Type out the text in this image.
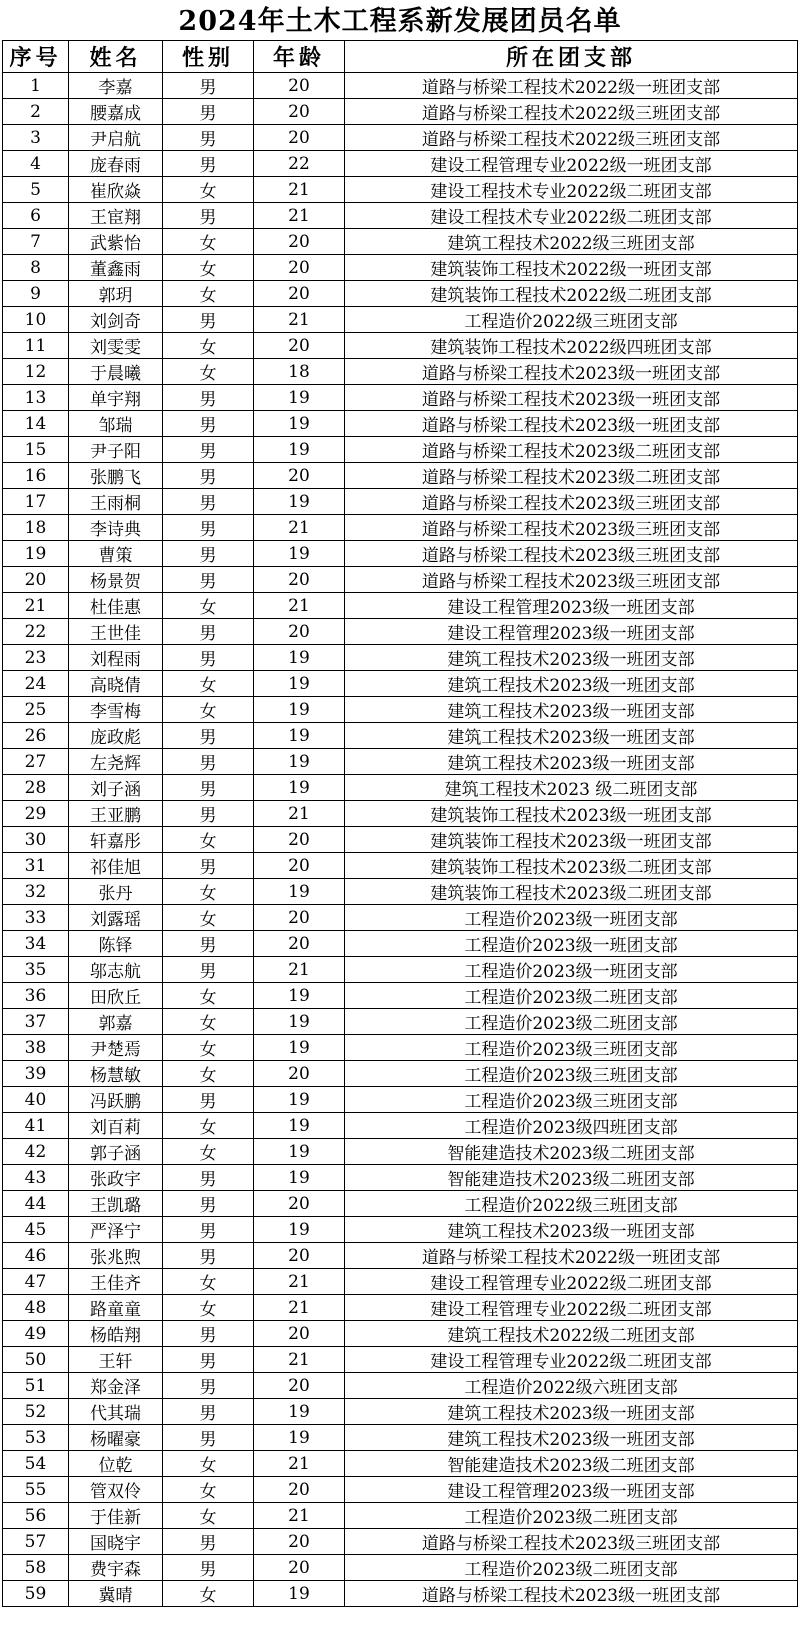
2024年土木工程系新发展团员名单
序号	姓名	性别	年龄	所在团支部
1	李嘉	男	20	道路与桥梁工程技术2022级一班团支部
2	腰嘉成	男	20	道路与桥梁工程技术2022级三班团支部
3	尹启航	男	20	道路与桥梁工程技术2022级三班团支部
4	庞春雨	男	22	建设工程管理专业2022级一班团支部
5	崔欣焱	女	21	建设工程技术专业2022级二班团支部
6	王宦翔	男	21	建设工程技术专业2022级二班团支部
7	武紫怡	女	20	建筑工程技术2022级三班团支部
8	董鑫雨	女	20	建筑装饰工程技术2022级一班团支部
9	郭玥	女	20	建筑装饰工程技术2022级二班团支部
10	刘剑奇	男	21	工程造价2022级三班团支部
11	刘雯雯	女	20	建筑装饰工程技术2022级四班团支部
12	于晨曦	女	18	道路与桥梁工程技术2023级一班团支部
13	单宇翔	男	19	道路与桥梁工程技术2023级一班团支部
14	邹瑞	男	19	道路与桥梁工程技术2023级一班团支部
15	尹子阳	男	19	道路与桥梁工程技术2023级二班团支部
16	张鹏飞	男	20	道路与桥梁工程技术2023级二班团支部
17	王雨桐	男	19	道路与桥梁工程技术2023级三班团支部
18	李诗典	男	21	道路与桥梁工程技术2023级三班团支部
19	曹策	男	19	道路与桥梁工程技术2023级三班团支部
20	杨景贺	男	20	道路与桥梁工程技术2023级三班团支部
21	杜佳惠	女	21	建设工程管理2023级一班团支部
22	王世佳	男	20	建设工程管理2023级一班团支部
23	刘程雨	男	19	建筑工程技术2023级一班团支部
24	高晓倩	女	19	建筑工程技术2023级一班团支部
25	李雪梅	女	19	建筑工程技术2023级一班团支部
26	庞政彪	男	19	建筑工程技术2023级一班团支部
27	左尧辉	男	19	建筑工程技术2023级一班团支部
28	刘子涵	男	19	建筑工程技术2023 级二班团支部
29	王亚鹏	男	21	建筑装饰工程技术2023级一班团支部
30	轩嘉彤	女	20	建筑装饰工程技术2023级一班团支部
31	祁佳旭	男	20	建筑装饰工程技术2023级二班团支部
32	张丹	女	19	建筑装饰工程技术2023级二班团支部
33	刘露瑶	女	20	工程造价2023级一班团支部
34	陈铎	男	20	工程造价2023级一班团支部
35	邬志航	男	21	工程造价2023级一班团支部
36	田欣丘	女	19	工程造价2023级二班团支部
37	郭嘉	女	19	工程造价2023级二班团支部
38	尹楚焉	女	19	工程造价2023级三班团支部
39	杨慧敏	女	20	工程造价2023级三班团支部
40	冯跃鹏	男	19	工程造价2023级三班团支部
41	刘百莉	女	19	工程造价2023级四班团支部
42	郭子涵	女	19	智能建造技术2023级二班团支部
43	张政宇	男	19	智能建造技术2023级二班团支部
44	王凯璐	男	20	工程造价2022级三班团支部
45	严泽宁	男	19	建筑工程技术2023级一班团支部
46	张兆煦	男	20	道路与桥梁工程技术2022级一班团支部
47	王佳齐	女	21	建设工程管理专业2022级二班团支部
48	路童童	女	21	建设工程管理专业2022级二班团支部
49	杨皓翔	男	20	建筑工程技术2022级二班团支部
50	王轩	男	21	建设工程管理专业2022级二班团支部
51	郑金泽	男	20	工程造价2022级六班团支部
52	代其瑞	男	19	建筑工程技术2023级一班团支部
53	杨曜豪	男	19	建筑工程技术2023级一班团支部
54	位乾	女	21	智能建造技术2023级二班团支部
55	管双伶	女	20	建设工程管理2023级一班团支部
56	于佳新	女	21	工程造价2023级二班团支部
57	国晓宇	男	20	道路与桥梁工程技术2023级三班团支部
58	费宇森	男	20	工程造价2023级二班团支部
59	冀晴	女	19	道路与桥梁工程技术2023级一班团支部
